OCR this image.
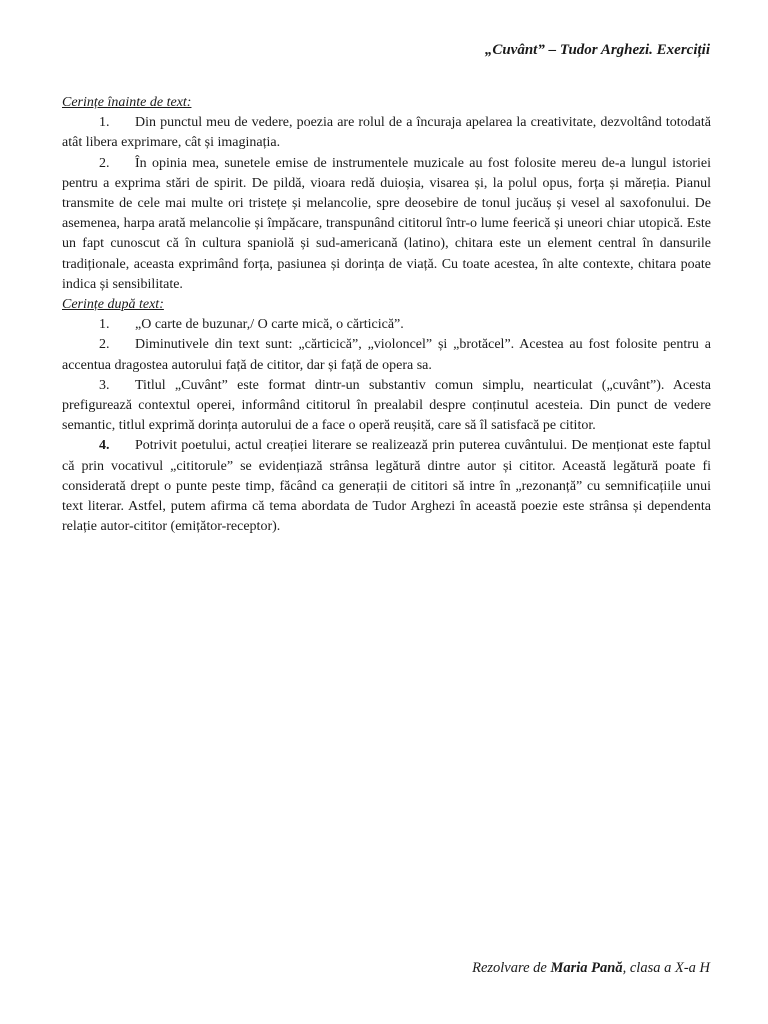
„Cuvânt” – Tudor Arghezi. Exerciții

Cerințe înainte de text:

1. Din punctul meu de vedere, poezia are rolul de a încuraja apelarea la creativitate, dezvoltând totodată atât libera exprimare, cât și imaginația.

2. În opinia mea, sunetele emise de instrumentele muzicale au fost folosite mereu de-a lungul istoriei pentru a exprima stări de spirit. De pildă, vioara redă duioșia, visarea și, la polul opus, forța și măreția. Pianul transmite de cele mai multe ori tristețe și melancolie, spre deosebire de tonul jucăuș și vesel al saxofonului. De asemenea, harpa arată melancolie și împăcare, transpunând cititorul într-o lume feerică și uneori chiar utopică. Este un fapt cunoscut că în cultura spaniolă și sud-americană (latino), chitara este un element central în dansurile tradiționale, aceasta exprimând forța, pasiunea și dorința de viață. Cu toate acestea, în alte contexte, chitara poate indica și sensibilitate.

Cerințe după text:

1. „O carte de buzunar,/ O carte mică, o cărticică”.

2. Diminutivele din text sunt: „cărticică”, „violoncel” și „brotăcel”. Acestea au fost folosite pentru a accentua dragostea autorului față de cititor, dar și față de opera sa.

3. Titlul „Cuvânt” este format dintr-un substantiv comun simplu, nearticulat („cuvânt”). Acesta prefigurează contextul operei, informând cititorul în prealabil despre conținutul acesteia. Din punct de vedere semantic, titlul exprimă dorința autorului de a face o operă reușită, care să îl satisfacă pe cititor.

4. Potrivit poetului, actul creației literare se realizează prin puterea cuvântului. De menționat este faptul că prin vocativul „cititorule” se evidențiază strânsa legătură dintre autor și cititor. Această legătură poate fi considerată drept o punte peste timp, făcând ca generații de cititori să intre în „rezonanță” cu semnificațiile unui text literar. Astfel, putem afirma că tema abordata de Tudor Arghezi în această poezie este strânsa și dependenta relație autor-cititor (emițător-receptor).

Rezolvare de Maria Pană, clasa a X-a H
